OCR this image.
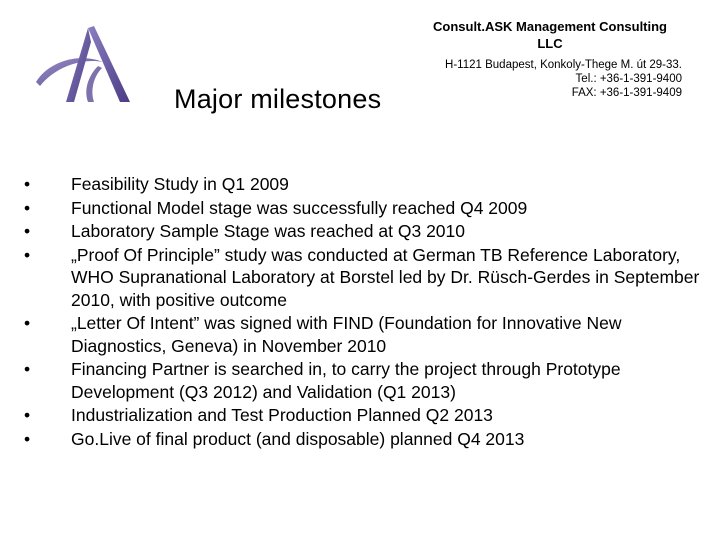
Consult.ASK Management Consulting
LLC
H-1121 Budapest, Konkoly-Thege M. út 29-33.
Tel.: +36-1-391-9400
FAX: +36-1-391-9409
Major milestones
•	Feasibility Study in Q1 2009
•	Functional Model stage was successfully reached Q4 2009
•	Laboratory Sample Stage was reached at Q3 2010
•	„Proof Of Principle” study was conducted at German TB Reference Laboratory, WHO Supranational Laboratory at Borstel led by Dr. Rüsch-Gerdes in September 2010, with positive outcome
•	„Letter Of Intent” was signed with FIND (Foundation for Innovative New Diagnostics, Geneva) in November 2010
•	Financing Partner is searched in, to carry the project through Prototype Development (Q3 2012) and Validation (Q1 2013)
•	Industrialization and Test Production Planned Q2 2013
•	Go.Live of final product (and disposable) planned Q4 2013
